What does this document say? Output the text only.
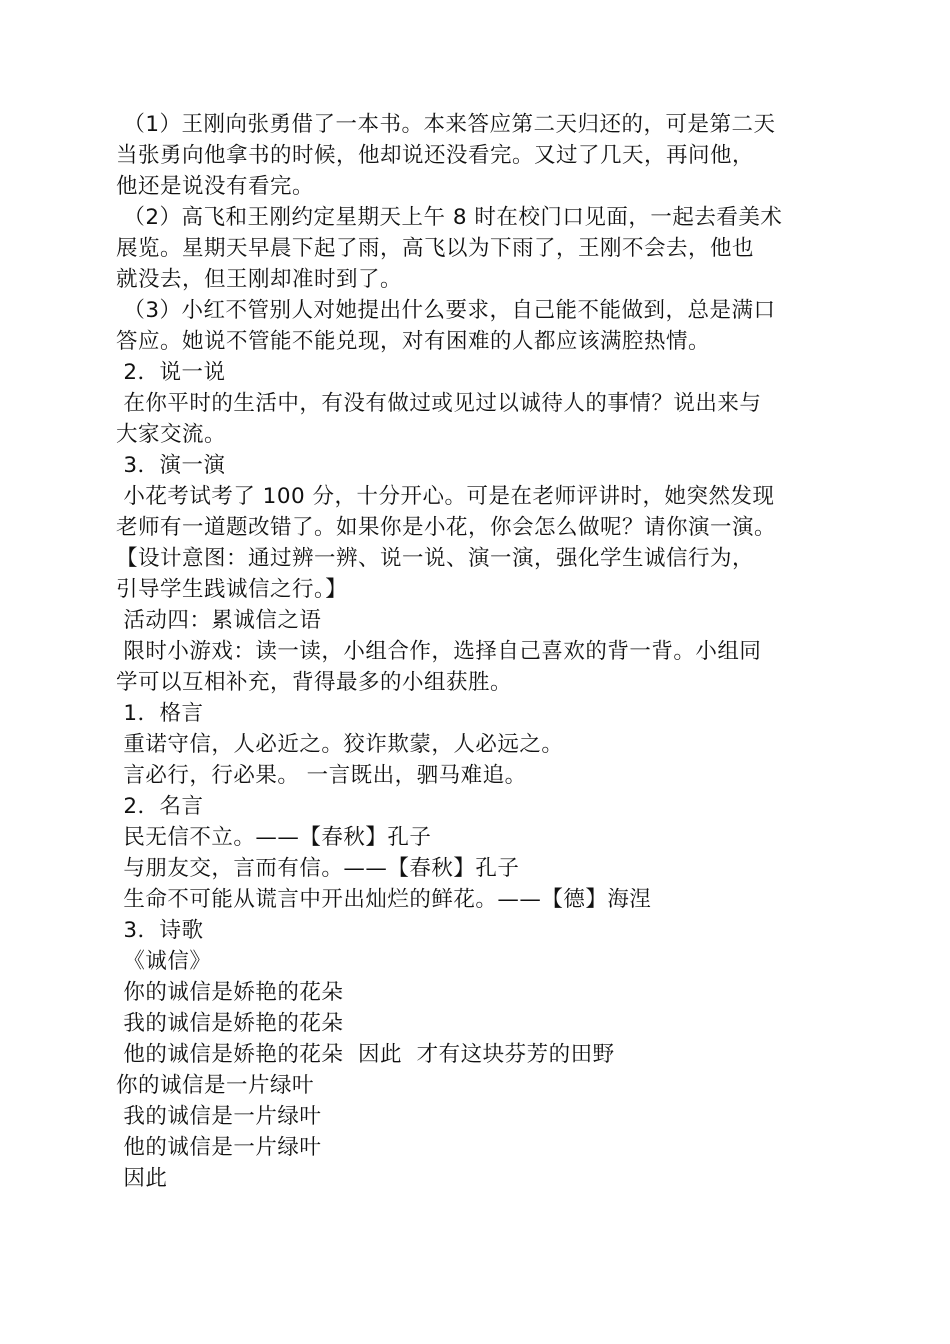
（1）王刚向张勇借了一本书。本来答应第二天归还的，可是第二天
当张勇向他拿书的时候，他却说还没看完。又过了几天，再问他，
他还是说没有看完。
（2）高飞和王刚约定星期天上午 8 时在校门口见面，一起去看美术
展览。星期天早晨下起了雨，高飞以为下雨了，王刚不会去，他也
就没去，但王刚却准时到了。
（3）小红不管别人对她提出什么要求，自己能不能做到，总是满口
答应。她说不管能不能兑现，对有困难的人都应该满腔热情。
2．说一说
在你平时的生活中，有没有做过或见过以诚待人的事情？说出来与
大家交流。
3．演一演
小花考试考了 100 分，十分开心。可是在老师评讲时，她突然发现
老师有一道题改错了。如果你是小花，你会怎么做呢？请你演一演。
【设计意图：通过辨一辨、说一说、演一演，强化学生诚信行为，
引导学生践诚信之行。】
活动四：累诚信之语
限时小游戏：读一读，小组合作，选择自己喜欢的背一背。小组同
学可以互相补充，背得最多的小组获胜。
1．格言
重诺守信，人必近之。狡诈欺蒙，人必远之。
言必行，行必果。 一言既出，驷马难追。
2．名言
民无信不立。——【春秋】孔子
与朋友交，言而有信。——【春秋】孔子
生命不可能从谎言中开出灿烂的鲜花。——【德】海涅
3．诗歌
《诚信》
你的诚信是娇艳的花朵
我的诚信是娇艳的花朵
他的诚信是娇艳的花朵  因此  才有这块芬芳的田野
你的诚信是一片绿叶
我的诚信是一片绿叶
他的诚信是一片绿叶
因此
